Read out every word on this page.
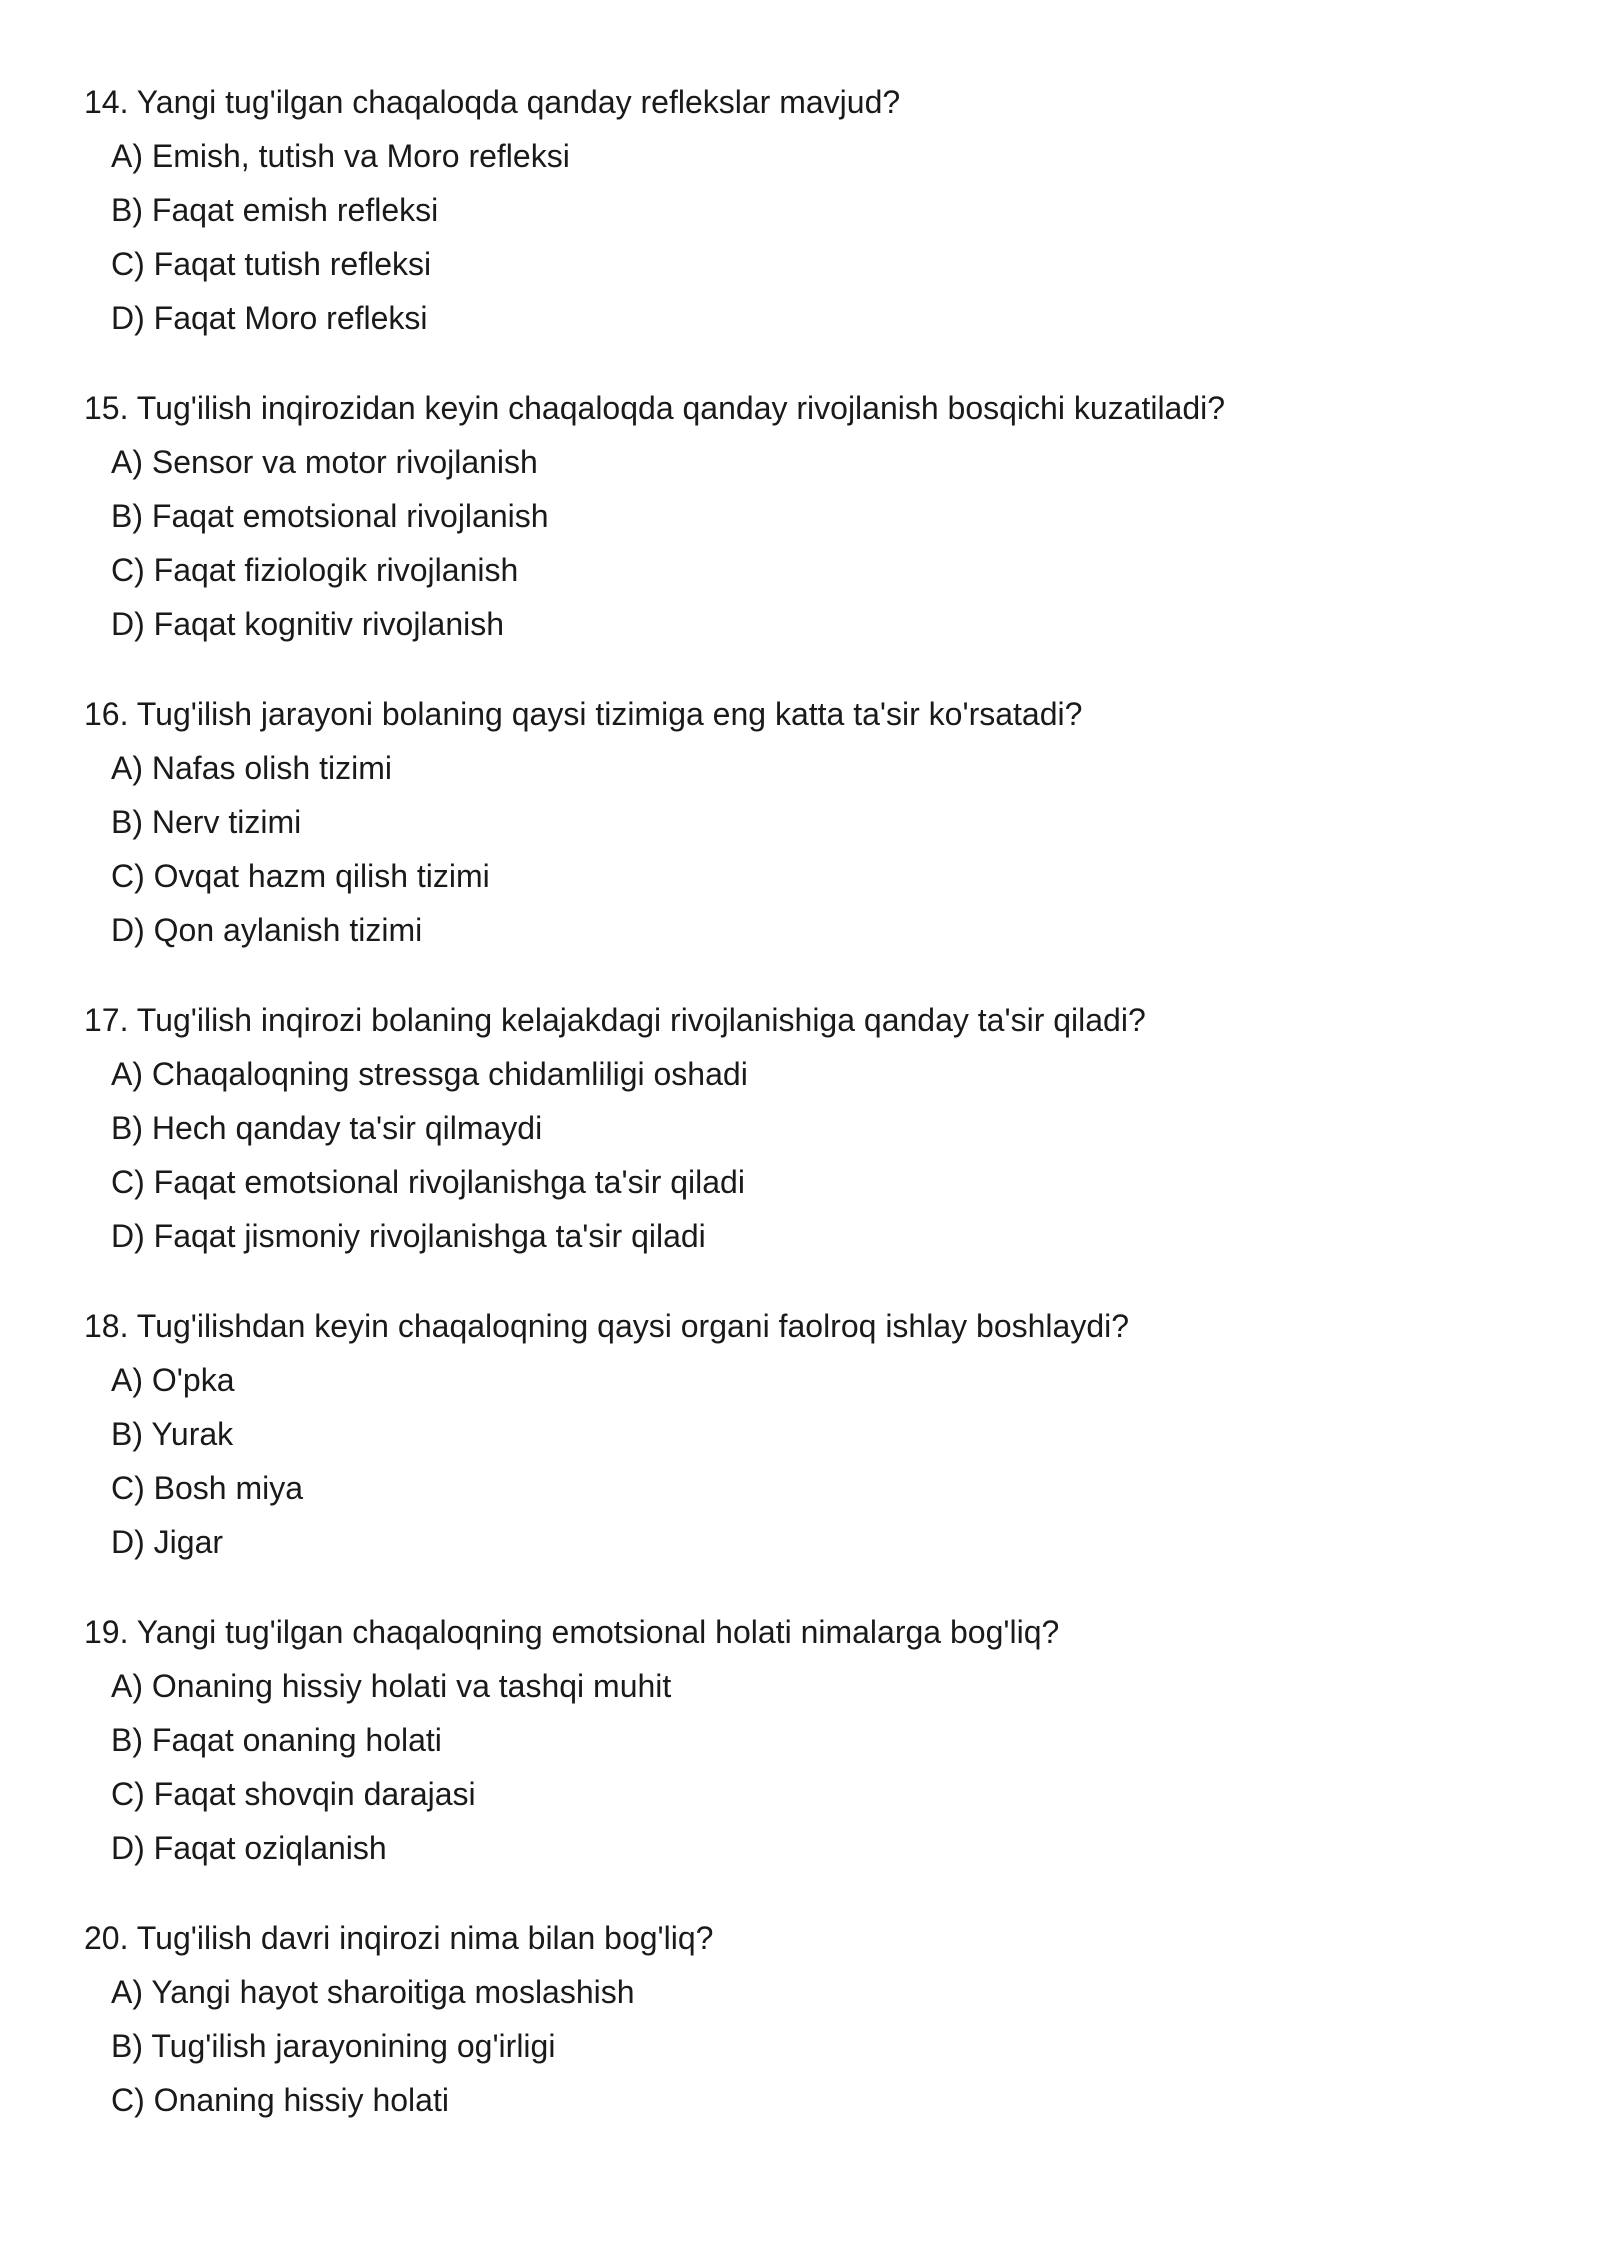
14. Yangi tug'ilgan chaqaloqda qanday reflekslar mavjud?
A) Emish, tutish va Moro refleksi
B) Faqat emish refleksi
C) Faqat tutish refleksi
D) Faqat Moro refleksi
15. Tug'ilish inqirozidan keyin chaqaloqda qanday rivojlanish bosqichi kuzatiladi?
A) Sensor va motor rivojlanish
B) Faqat emotsional rivojlanish
C) Faqat fiziologik rivojlanish
D) Faqat kognitiv rivojlanish
16. Tug'ilish jarayoni bolaning qaysi tizimiga eng katta ta'sir ko'rsatadi?
A) Nafas olish tizimi
B) Nerv tizimi
C) Ovqat hazm qilish tizimi
D) Qon aylanish tizimi
17. Tug'ilish inqirozi bolaning kelajakdagi rivojlanishiga qanday ta'sir qiladi?
A) Chaqaloqning stressga chidamliligi oshadi
B) Hech qanday ta'sir qilmaydi
C) Faqat emotsional rivojlanishga ta'sir qiladi
D) Faqat jismoniy rivojlanishga ta'sir qiladi
18. Tug'ilishdan keyin chaqaloqning qaysi organi faolroq ishlay boshlaydi?
A) O'pka
B) Yurak
C) Bosh miya
D) Jigar
19. Yangi tug'ilgan chaqaloqning emotsional holati nimalarga bog'liq?
A) Onaning hissiy holati va tashqi muhit
B) Faqat onaning holati
C) Faqat shovqin darajasi
D) Faqat oziqlanish
20. Tug'ilish davri inqirozi nima bilan bog'liq?
A) Yangi hayot sharoitiga moslashish
B) Tug'ilish jarayonining og'irligi
C) Onaning hissiy holati
